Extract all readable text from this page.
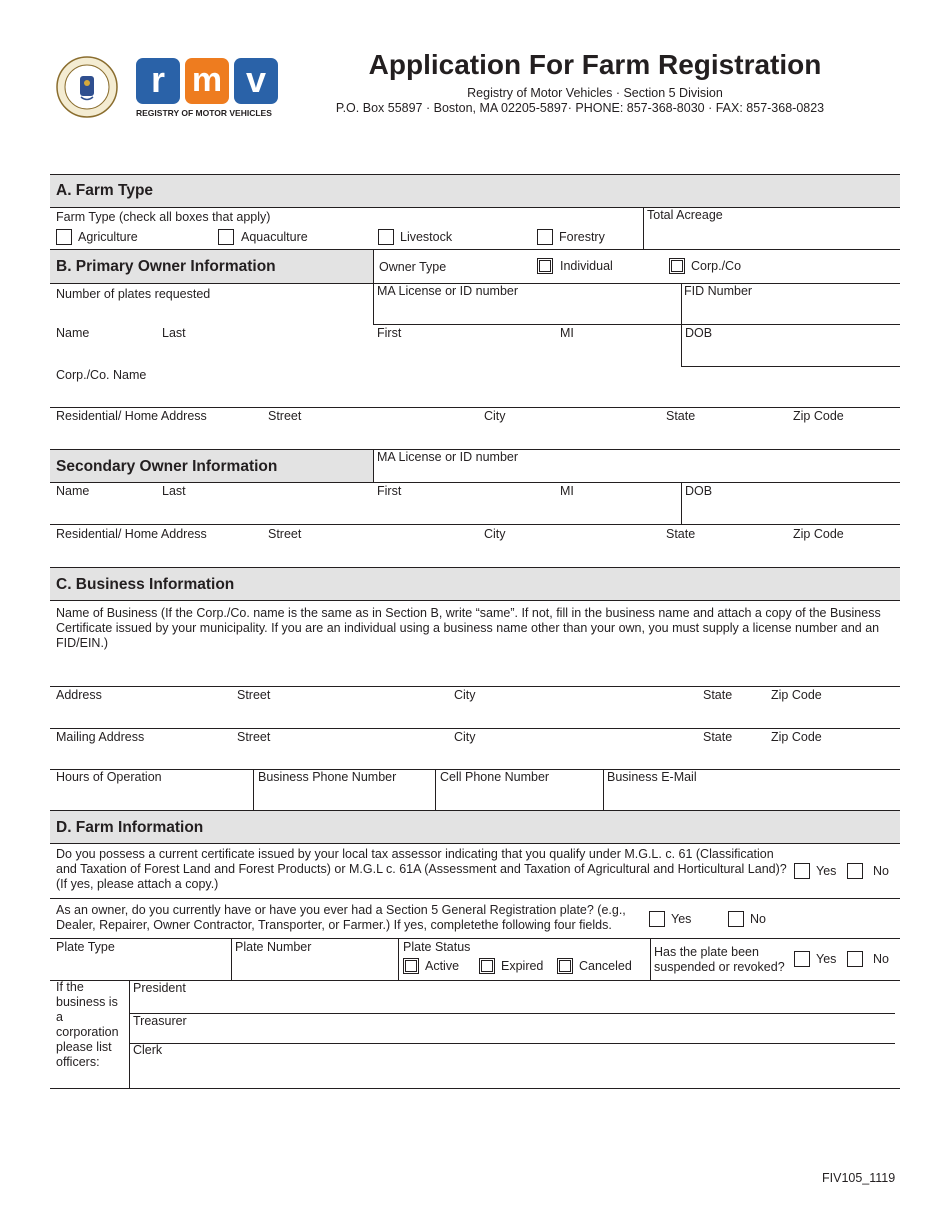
r m v
REGISTRY OF MOTOR VEHICLES
Application For Farm Registration
Registry of Motor Vehicles · Section 5 Division
P.O. Box 55897 · Boston, MA 02205-5897· PHONE: 857-368-8030 · FAX: 857-368-0823
A. Farm Type
Farm Type (check all boxes that apply)	Total Acreage
Agriculture	Aquaculture	Livestock	Forestry
B. Primary Owner Information	Owner Type	Individual	Corp./Co
Number of plates requested	MA License or ID number	FID Number
Name	Last	First	MI	DOB
Corp./Co. Name
Residential/ Home Address	Street	City	State	Zip Code
Secondary Owner Information
MA License or ID number
Name	Last	First	MI	DOB
Residential/ Home Address	Street	City	State	Zip Code
C. Business Information
Name of Business (If the Corp./Co. name is the same as in Section B, write “same”. If not, fill in the business name and attach a copy of the Business Certificate issued by your municipality. If you are an individual using a business name other than your own, you must supply a license number and an FID/EIN.)
Address	Street	City	State	Zip Code
Mailing Address	Street	City	State	Zip Code
Hours of Operation	Business Phone Number	Cell Phone Number	Business E-Mail
D. Farm Information
Do you possess a current certificate issued by your local tax assessor indicating that you qualify under M.G.L. c. 61 (Classification and Taxation of Forest Land and Forest Products) or M.G.L c. 61A (Assessment and Taxation of Agricultural and Horticultural Land)? (If yes, please attach a copy.)
Yes	No
As an owner, do you currently have or have you ever had a Section 5 General Registration plate? (e.g., Dealer, Repairer, Owner Contractor, Transporter, or Farmer.) If yes, completethe following four fields.	Yes	No
Plate Type	Plate Number	Plate Status
Active	Expired	Canceled
Has the plate been suspended or revoked?
Yes	No
If the business is a corporation please list officers:
President
Treasurer
Clerk
FIV105_1119
